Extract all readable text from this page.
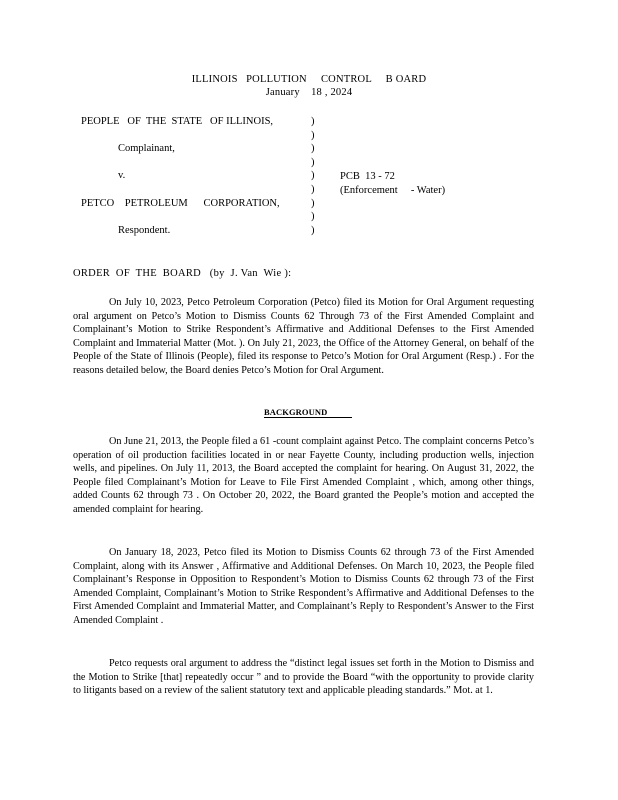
ILLINOIS   POLLUTION     CONTROL     B OARD
January    18 , 2024
PEOPLE   OF  THE  STATE   OF ILLINOIS,
Complainant,
v.
PETCO    PETROLEUM      CORPORATION,
Respondent.
)
)
)
)
)
)
)
)
)
PCB  13 - 72
(Enforcement     - Water)
ORDER  OF  THE  BOARD   (by  J. Van  Wie ):

On July 10, 2023, Petco Petroleum Corporation (Petco) filed its Motion for Oral Argument requesting oral argument on Petco’s Motion to Dismiss Counts 62 Through 73 of the First Amended Complaint and Complainant’s Motion to Strike Respondent’s Affirmative and Additional Defenses to the First Amended Complaint and Immaterial Matter (Mot. ). On July 21, 2023, the Office of the Attorney General, on behalf of the People of the State of Illinois (People), filed its response to Petco’s Motion for Oral Argument (Resp.) . For the reasons detailed below, the Board denies Petco’s Motion for Oral Argument.

BACKGROUND

On June 21, 2013, the People filed a 61 -count complaint against Petco. The complaint concerns Petco’s operation of oil production facilities located in or near Fayette County, including production wells, injection wells, and pipelines. On July 11, 2013, the Board accepted the complaint for hearing. On August 31, 2022, the People filed Complainant’s Motion for Leave to File First Amended Complaint , which, among other things, added Counts 62 through 73 . On October 20, 2022, the Board granted the People’s motion and accepted the amended complaint for hearing.

On January 18, 2023, Petco filed its Motion to Dismiss Counts 62 through 73 of the First Amended Complaint, along with its Answer , Affirmative and Additional Defenses. On March 10, 2023, the People filed Complainant’s Response in Opposition to Respondent’s Motion to Dismiss Counts 62 through 73 of the First Amended Complaint, Complainant’s Motion to Strike Respondent’s Affirmative and Additional Defenses to the First Amended Complaint and Immaterial Matter, and Complainant’s Reply to Respondent’s Answer to the First Amended Complaint .

Petco requests oral argument to address the “distinct legal issues set forth in the Motion to Dismiss and the Motion to Strike [that] repeatedly occur ” and to provide the Board “with the opportunity to provide clarity to litigants based on a review of the salient statutory text and applicable pleading standards.” Mot. at 1.
